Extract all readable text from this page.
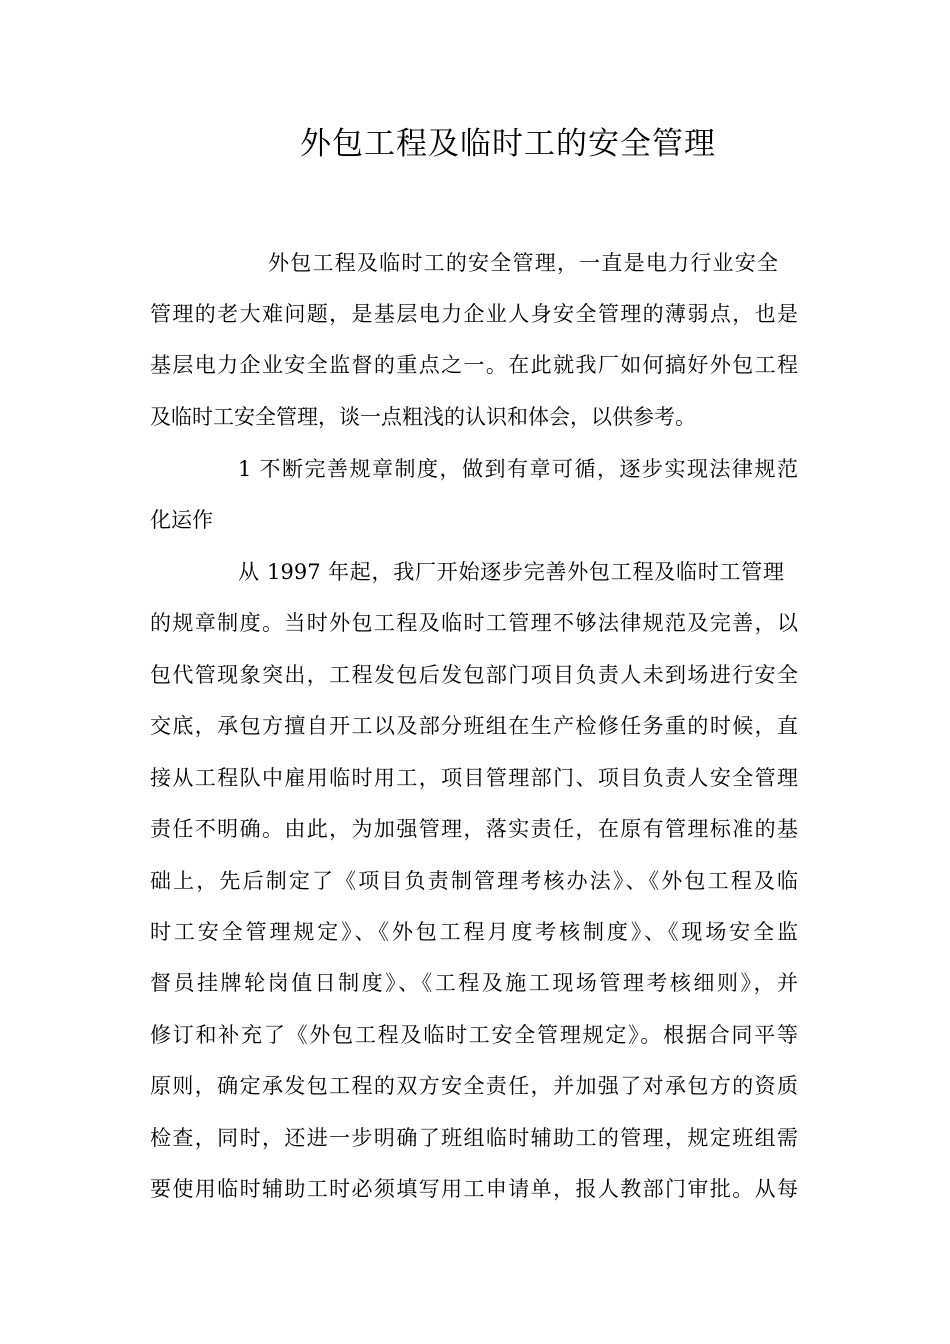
外包工程及临时工的安全管理
外包工程及临时工的安全管理，一直是电力行业安全
管理的老大难问题，是基层电力企业人身安全管理的薄弱点，也是
基层电力企业安全监督的重点之一。在此就我厂如何搞好外包工程
及临时工安全管理，谈一点粗浅的认识和体会，以供参考。
1 不断完善规章制度，做到有章可循，逐步实现法律规范
化运作
从 1997 年起，我厂开始逐步完善外包工程及临时工管理
的规章制度。当时外包工程及临时工管理不够法律规范及完善，以
包代管现象突出，工程发包后发包部门项目负责人未到场进行安全
交底，承包方擅自开工以及部分班组在生产检修任务重的时候，直
接从工程队中雇用临时用工，项目管理部门、项目负责人安全管理
责任不明确。由此，为加强管理，落实责任，在原有管理标准的基
础上，先后制定了《项目负责制管理考核办法》、《外包工程及临
时工安全管理规定》、《外包工程月度考核制度》、《现场安全监
督员挂牌轮岗值日制度》、《工程及施工现场管理考核细则》，并
修订和补充了《外包工程及临时工安全管理规定》。根据合同平等
原则，确定承发包工程的双方安全责任，并加强了对承包方的资质
检查，同时，还进一步明确了班组临时辅助工的管理，规定班组需
要使用临时辅助工时必须填写用工申请单，报人教部门审批。从每
